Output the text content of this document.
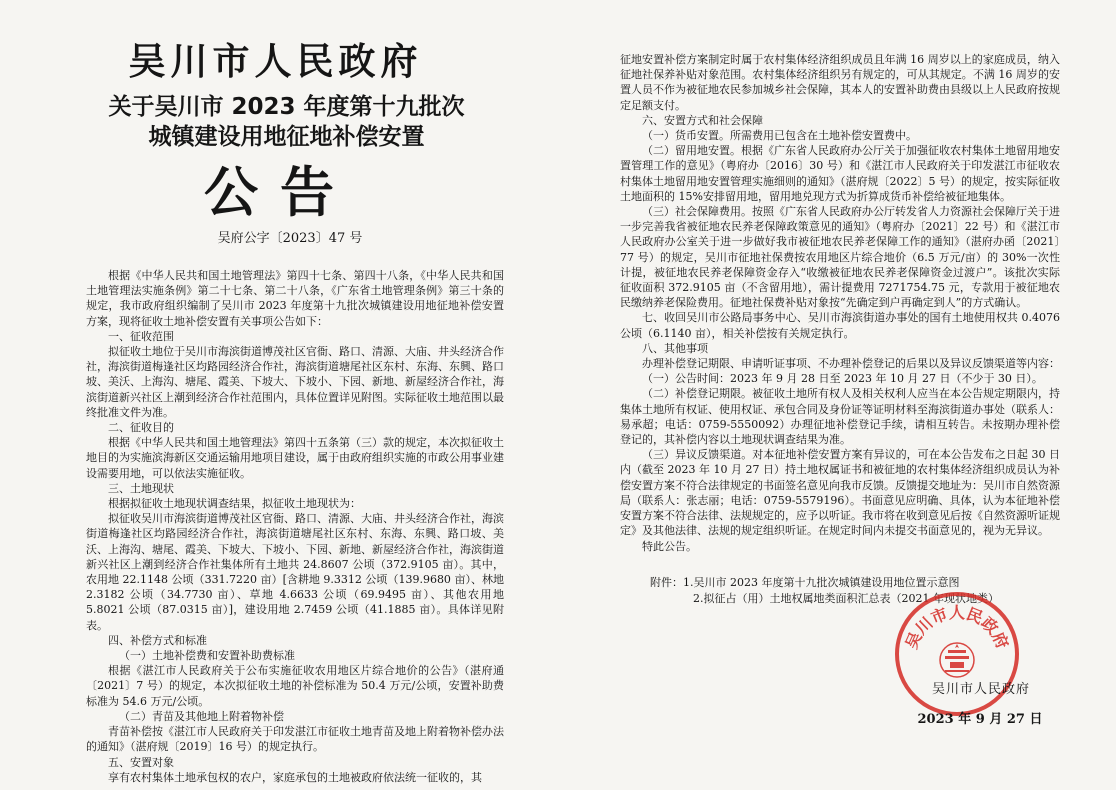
吴川市人民政府
关于吴川市 2023 年度第十九批次
城镇建设用地征地补偿安置
公告
吴府公字〔2023〕47 号

根据《中华人民共和国土地管理法》第四十七条、第四十八条，《中华人民共和国土地管理法实施条例》第二十七条、第二十八条，《广东省土地管理条例》第三十条的规定，我市政府组织编制了吴川市 2023 年度第十九批次城镇建设用地征地补偿安置方案，现将征收土地补偿安置有关事项公告如下：

一、征收范围

拟征收土地位于吴川市海滨街道博茂社区官衙、路口、清源、大庙、井头经济合作社，海滨街道梅逢社区均路园经济合作社，海滨街道塘尾社区东村、东海、东興、路口坡、美沃、上海沟、塘尾、霞美、下坡大、下坡小、下园、新地、新屋经济合作社，海滨街道新兴社区上潮到经济合作社范围内，具体位置详见附图。实际征收土地范围以最终批准文件为准。

二、征收目的

根据《中华人民共和国土地管理法》第四十五条第（三）款的规定，本次拟征收土地目的为实施滨海新区交通运输用地项目建设，属于由政府组织实施的市政公用事业建设需要用地，可以依法实施征收。

三、土地现状

根据拟征收土地现状调查结果，拟征收土地现状为：

拟征收吴川市海滨街道博茂社区官衙、路口、清源、大庙、井头经济合作社，海滨街道梅逢社区均路园经济合作社，海滨街道塘尾社区东村、东海、东興、路口坡、美沃、上海沟、塘尾、霞美、下坡大、下坡小、下园、新地、新屋经济合作社，海滨街道新兴社区上潮到经济合作社集体所有土地共 24.8607 公顷（372.9105 亩）。其中，农用地 22.1148 公顷（331.7220 亩）[含耕地 9.3312 公顷（139.9680 亩）、林地 2.3182 公顷（34.7730 亩）、草地 4.6633 公顷（69.9495 亩）、其他农用地 5.8021 公顷（87.0315 亩）]，建设用地 2.7459 公顷（41.1885 亩）。具体详见附表。

四、补偿方式和标准

（一）土地补偿费和安置补助费标准

根据《湛江市人民政府关于公布实施征收农用地区片综合地价的公告》（湛府通〔2021〕7 号）的规定，本次拟征收土地的补偿标准为 50.4 万元/公顷，安置补助费标准为 54.6 万元/公顷。

（二）青苗及其他地上附着物补偿

青苗补偿按《湛江市人民政府关于印发湛江市征收土地青苗及地上附着物补偿办法的通知》（湛府规〔2019〕16 号）的规定执行。

五、安置对象

享有农村集体土地承包权的农户，家庭承包的土地被政府依法统一征收的，其

征地安置补偿方案制定时属于农村集体经济组织成员且年满 16 周岁以上的家庭成员，纳入征地社保养补贴对象范围。农村集体经济组织另有规定的，可从其规定。不满 16 周岁的安置人员不作为被征地农民参加城乡社会保障，其本人的安置补助费由县级以上人民政府按规定足额支付。

六、安置方式和社会保障

（一）货币安置。所需费用已包含在土地补偿安置费中。

（二）留用地安置。根据《广东省人民政府办公厅关于加强征收农村集体土地留用地安置管理工作的意见》（粤府办〔2016〕30 号）和《湛江市人民政府关于印发湛江市征收农村集体土地留用地安置管理实施细则的通知》（湛府规〔2022〕5 号）的规定，按实际征收土地面积的 15%安排留用地，留用地兑现方式为折算成货币补偿给被征地集体。

（三）社会保障费用。按照《广东省人民政府办公厅转发省人力资源社会保障厅关于进一步完善我省被征地农民养老保障政策意见的通知》（粤府办〔2021〕22 号）和《湛江市人民政府办公室关于进一步做好我市被征地农民养老保障工作的通知》（湛府办函〔2021〕77 号）的规定，吴川市征地社保费按农用地区片综合地价（6.5 万元/亩）的 30%一次性计提，被征地农民养老保障资金存入“收缴被征地农民养老保障资金过渡户”。该批次实际征收面积 372.9105 亩（不含留用地），需计提费用 7271754.75 元，专款用于被征地农民缴纳养老保险费用。征地社保费补贴对象按“先确定到户再确定到人”的方式确认。

七、收回吴川市公路局事务中心、吴川市海滨街道办事处的国有土地使用权共 0.4076 公顷（6.1140 亩），相关补偿按有关规定执行。

八、其他事项

办理补偿登记期限、申请听证事项、不办理补偿登记的后果以及异议反馈渠道等内容：

（一）公告时间：2023 年 9 月 28 日至 2023 年 10 月 27 日（不少于 30 日）。

（二）补偿登记期限。被征收土地所有权人及相关权利人应当在本公告规定期限内，持集体土地所有权证、使用权证、承包合同及身份证等证明材料至海滨街道办事处（联系人：易承超；电话：0759-5550092）办理征地补偿登记手续，请相互转告。未按期办理补偿登记的，其补偿内容以土地现状调查结果为准。

（三）异议反馈渠道。对本征地补偿安置方案有异议的，可在本公告发布之日起 30 日内（截至 2023 年 10 月 27 日）持土地权属证书和被征地的农村集体经济组织成员认为补偿安置方案不符合法律规定的书面签名意见向我市反馈。反馈提交地址为：吴川市自然资源局（联系人：张志丽；电话：0759-5579196）。书面意见应明确、具体，认为本征地补偿安置方案不符合法律、法规规定的，应予以听证。我市将在收到意见后按《自然资源听证规定》及其他法律、法规的规定组织听证。在规定时间内未提交书面意见的，视为无异议。

特此公告。

附件：1.吴川市 2023 年度第十九批次城镇建设用地位置示意图

2.拟征占（用）土地权属地类面积汇总表（2021 年现状地类）

吴川市人民政府
吴川市人民政府
2023 年 9 月 27 日
